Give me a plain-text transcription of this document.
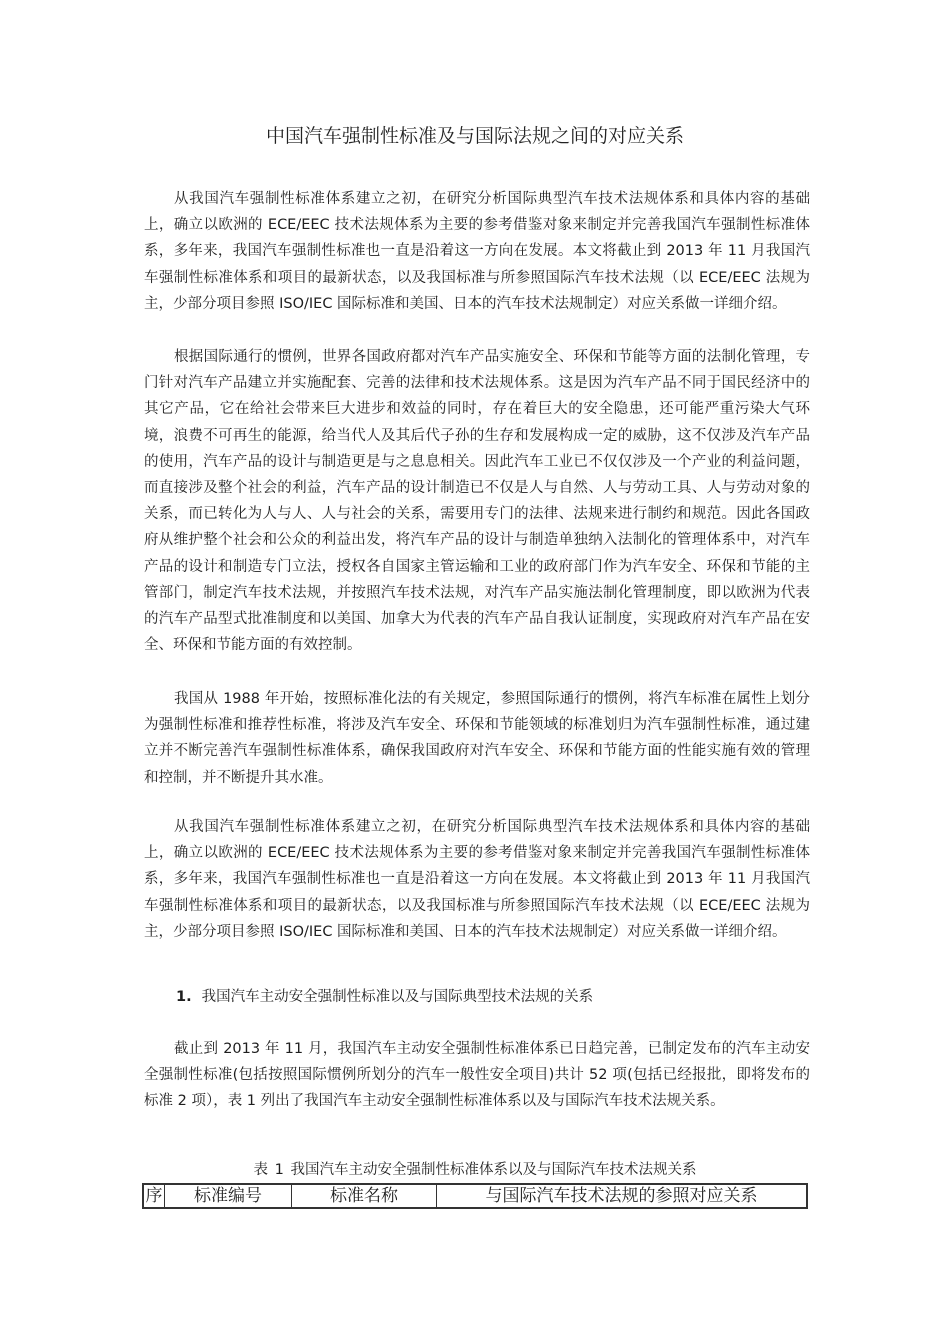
中国汽车强制性标准及与国际法规之间的对应关系

从我国汽车强制性标准体系建立之初，在研究分析国际典型汽车技术法规体系和具体内容的基础上，确立以欧洲的 ECE/EEC 技术法规体系为主要的参考借鉴对象来制定并完善我国汽车强制性标准体系，多年来，我国汽车强制性标准也一直是沿着这一方向在发展。本文将截止到 2013 年 11 月我国汽车强制性标准体系和项目的最新状态，以及我国标准与所参照国际汽车技术法规（以 ECE/EEC 法规为主，少部分项目参照 ISO/IEC 国际标准和美国、日本的汽车技术法规制定）对应关系做一详细介绍。

根据国际通行的惯例，世界各国政府都对汽车产品实施安全、环保和节能等方面的法制化管理，专门针对汽车产品建立并实施配套、完善的法律和技术法规体系。这是因为汽车产品不同于国民经济中的其它产品，它在给社会带来巨大进步和效益的同时，存在着巨大的安全隐患，还可能严重污染大气环境，浪费不可再生的能源，给当代人及其后代子孙的生存和发展构成一定的威胁，这不仅涉及汽车产品的使用，汽车产品的设计与制造更是与之息息相关。因此汽车工业已不仅仅涉及一个产业的利益问题，而直接涉及整个社会的利益，汽车产品的设计制造已不仅是人与自然、人与劳动工具、人与劳动对象的关系，而已转化为人与人、人与社会的关系，需要用专门的法律、法规来进行制约和规范。因此各国政府从维护整个社会和公众的利益出发，将汽车产品的设计与制造单独纳入法制化的管理体系中，对汽车产品的设计和制造专门立法，授权各自国家主管运输和工业的政府部门作为汽车安全、环保和节能的主管部门，制定汽车技术法规，并按照汽车技术法规，对汽车产品实施法制化管理制度，即以欧洲为代表的汽车产品型式批准制度和以美国、加拿大为代表的汽车产品自我认证制度，实现政府对汽车产品在安全、环保和节能方面的有效控制。

我国从 1988 年开始，按照标准化法的有关规定，参照国际通行的惯例，将汽车标准在属性上划分为强制性标准和推荐性标准，将涉及汽车安全、环保和节能领域的标准划归为汽车强制性标准，通过建立并不断完善汽车强制性标准体系，确保我国政府对汽车安全、环保和节能方面的性能实施有效的管理和控制，并不断提升其水准。

从我国汽车强制性标准体系建立之初，在研究分析国际典型汽车技术法规体系和具体内容的基础上，确立以欧洲的 ECE/EEC 技术法规体系为主要的参考借鉴对象来制定并完善我国汽车强制性标准体系，多年来，我国汽车强制性标准也一直是沿着这一方向在发展。本文将截止到 2013 年 11 月我国汽车强制性标准体系和项目的最新状态，以及我国标准与所参照国际汽车技术法规（以 ECE/EEC 法规为主，少部分项目参照 ISO/IEC 国际标准和美国、日本的汽车技术法规制定）对应关系做一详细介绍。

1. 我国汽车主动安全强制性标准以及与国际典型技术法规的关系

截止到 2013 年 11 月，我国汽车主动安全强制性标准体系已日趋完善，已制定发布的汽车主动安全强制性标准(包括按照国际惯例所划分的汽车一般性安全项目)共计 52 项(包括已经报批，即将发布的标准 2 项），表 1 列出了我国汽车主动安全强制性标准体系以及与国际汽车技术法规关系。

表 1 我国汽车主动安全强制性标准体系以及与国际汽车技术法规关系
序	标准编号	标准名称	与国际汽车技术法规的参照对应关系
